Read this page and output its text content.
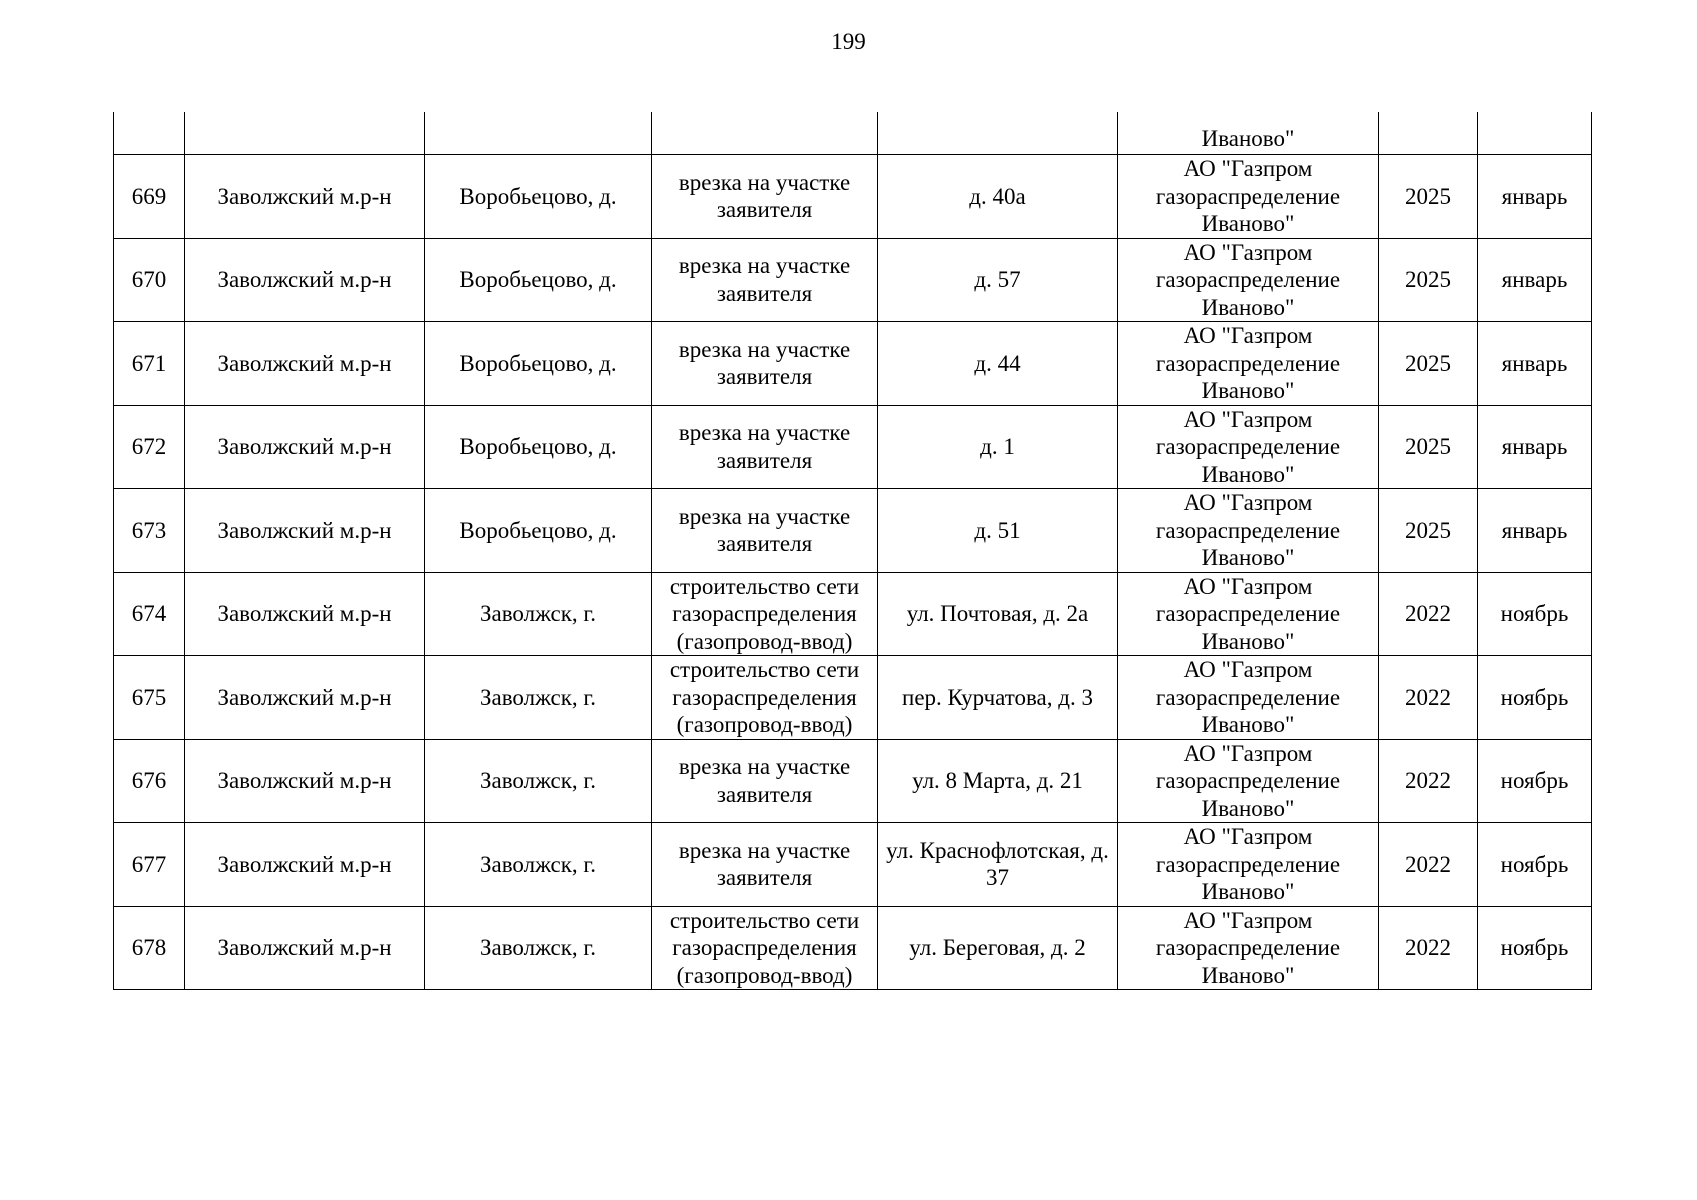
199
					Иваново"		
669	Заволжский м.р-н	Воробьецово, д.	врезка на участке заявителя	д. 40а	АО "Газпром газораспределение Иваново"	2025	январь
670	Заволжский м.р-н	Воробьецово, д.	врезка на участке заявителя	д. 57	АО "Газпром газораспределение Иваново"	2025	январь
671	Заволжский м.р-н	Воробьецово, д.	врезка на участке заявителя	д. 44	АО "Газпром газораспределение Иваново"	2025	январь
672	Заволжский м.р-н	Воробьецово, д.	врезка на участке заявителя	д. 1	АО "Газпром газораспределение Иваново"	2025	январь
673	Заволжский м.р-н	Воробьецово, д.	врезка на участке заявителя	д. 51	АО "Газпром газораспределение Иваново"	2025	январь
674	Заволжский м.р-н	Заволжск, г.	строительство сети газораспределения (газопровод-ввод)	ул. Почтовая, д. 2а	АО "Газпром газораспределение Иваново"	2022	ноябрь
675	Заволжский м.р-н	Заволжск, г.	строительство сети газораспределения (газопровод-ввод)	пер. Курчатова, д. 3	АО "Газпром газораспределение Иваново"	2022	ноябрь
676	Заволжский м.р-н	Заволжск, г.	врезка на участке заявителя	ул. 8 Марта, д. 21	АО "Газпром газораспределение Иваново"	2022	ноябрь
677	Заволжский м.р-н	Заволжск, г.	врезка на участке заявителя	ул. Краснофлотская, д. 37	АО "Газпром газораспределение Иваново"	2022	ноябрь
678	Заволжский м.р-н	Заволжск, г.	строительство сети газораспределения (газопровод-ввод)	ул. Береговая, д. 2	АО "Газпром газораспределение Иваново"	2022	ноябрь
